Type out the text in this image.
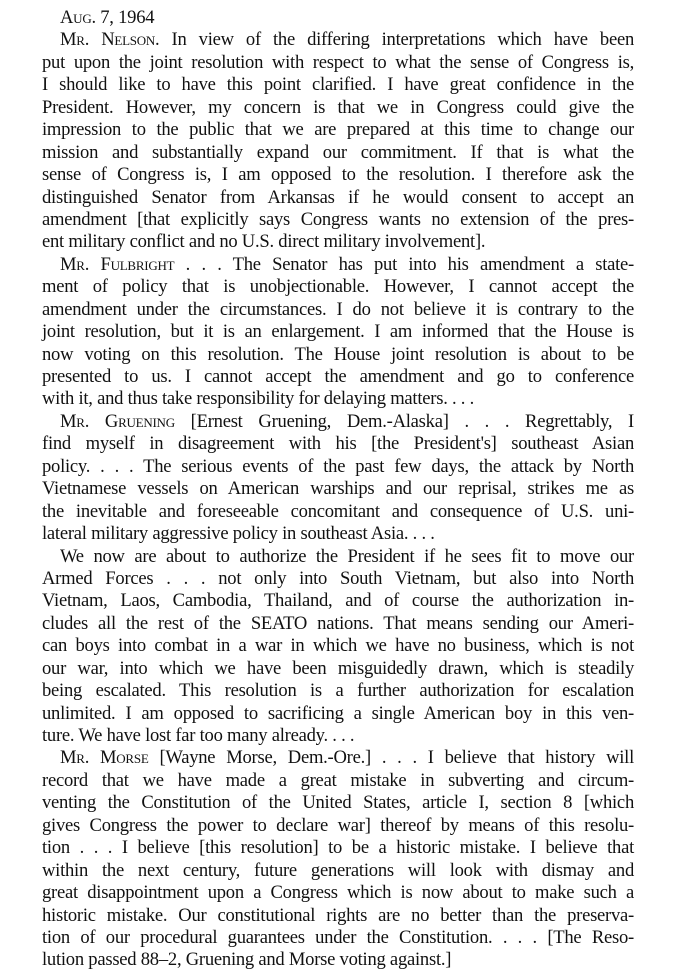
Aug. 7, 1964
Mr. Nelson. In view of the differing interpretations which have been
put upon the joint resolution with respect to what the sense of Congress is,
I should like to have this point clarified. I have great confidence in the
President. However, my concern is that we in Congress could give the
impression to the public that we are prepared at this time to change our
mission and substantially expand our commitment. If that is what the
sense of Congress is, I am opposed to the resolution. I therefore ask the
distinguished Senator from Arkansas if he would consent to accept an
amendment [that explicitly says Congress wants no extension of the pres-
ent military conflict and no U.S. direct military involvement].
Mr. Fulbright . . . The Senator has put into his amendment a state-
ment of policy that is unobjectionable. However, I cannot accept the
amendment under the circumstances. I do not believe it is contrary to the
joint resolution, but it is an enlargement. I am informed that the House is
now voting on this resolution. The House joint resolution is about to be
presented to us. I cannot accept the amendment and go to conference
with it, and thus take responsibility for delaying matters. . . .
Mr. Gruening [Ernest Gruening, Dem.-Alaska] . . . Regrettably, I
find myself in disagreement with his [the President's] southeast Asian
policy. . . . The serious events of the past few days, the attack by North
Vietnamese vessels on American warships and our reprisal, strikes me as
the inevitable and foreseeable concomitant and consequence of U.S. uni-
lateral military aggressive policy in southeast Asia. . . .
We now are about to authorize the President if he sees fit to move our
Armed Forces . . . not only into South Vietnam, but also into North
Vietnam, Laos, Cambodia, Thailand, and of course the authorization in-
cludes all the rest of the SEATO nations. That means sending our Ameri-
can boys into combat in a war in which we have no business, which is not
our war, into which we have been misguidedly drawn, which is steadily
being escalated. This resolution is a further authorization for escalation
unlimited. I am opposed to sacrificing a single American boy in this ven-
ture. We have lost far too many already. . . .
Mr. Morse [Wayne Morse, Dem.-Ore.] . . . I believe that history will
record that we have made a great mistake in subverting and circum-
venting the Constitution of the United States, article I, section 8 [which
gives Congress the power to declare war] thereof by means of this resolu-
tion . . . I believe [this resolution] to be a historic mistake. I believe that
within the next century, future generations will look with dismay and
great disappointment upon a Congress which is now about to make such a
historic mistake. Our constitutional rights are no better than the preserva-
tion of our procedural guarantees under the Constitution. . . . [The Reso-
lution passed 88–2, Gruening and Morse voting against.]
